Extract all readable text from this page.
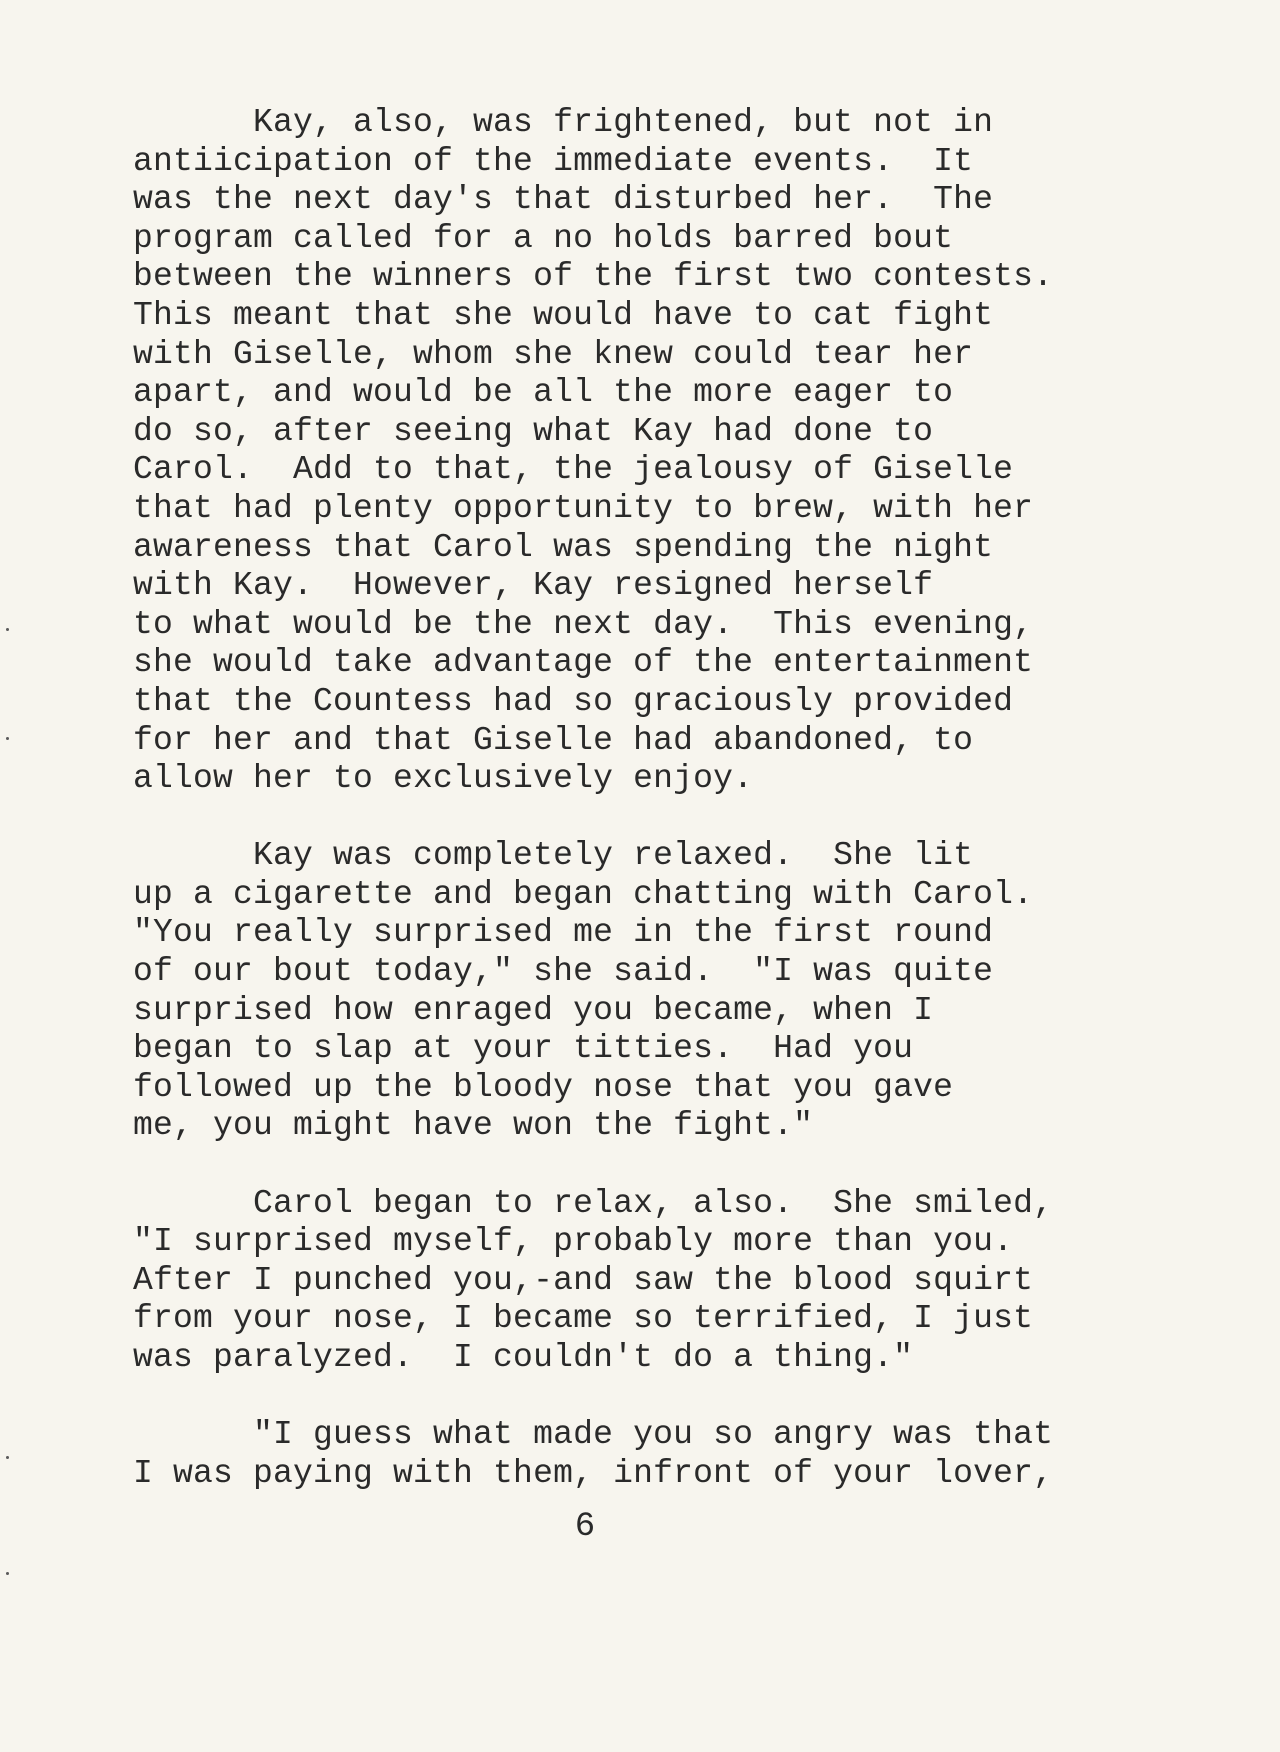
Kay, also, was frightened, but not in
antiicipation of the immediate events.  It
was the next day's that disturbed her.  The
program called for a no holds barred bout
between the winners of the first two contests.
This meant that she would have to cat fight
with Giselle, whom she knew could tear her
apart, and would be all the more eager to
do so, after seeing what Kay had done to
Carol.  Add to that, the jealousy of Giselle
that had plenty opportunity to brew, with her
awareness that Carol was spending the night
with Kay.  However, Kay resigned herself
to what would be the next day.  This evening,
she would take advantage of the entertainment
that the Countess had so graciously provided
for her and that Giselle had abandoned, to
allow her to exclusively enjoy.

Kay was completely relaxed.  She lit
up a cigarette and began chatting with Carol.
"You really surprised me in the first round
of our bout today," she said.  "I was quite
surprised how enraged you became, when I
began to slap at your titties.  Had you
followed up the bloody nose that you gave
me, you might have won the fight."

Carol began to relax, also.  She smiled,
"I surprised myself, probably more than you.
After I punched you,-and saw the blood squirt
from your nose, I became so terrified, I just
was paralyzed.  I couldn't do a thing."

"I guess what made you so angry was that
I was paying with them, infront of your lover,

6
